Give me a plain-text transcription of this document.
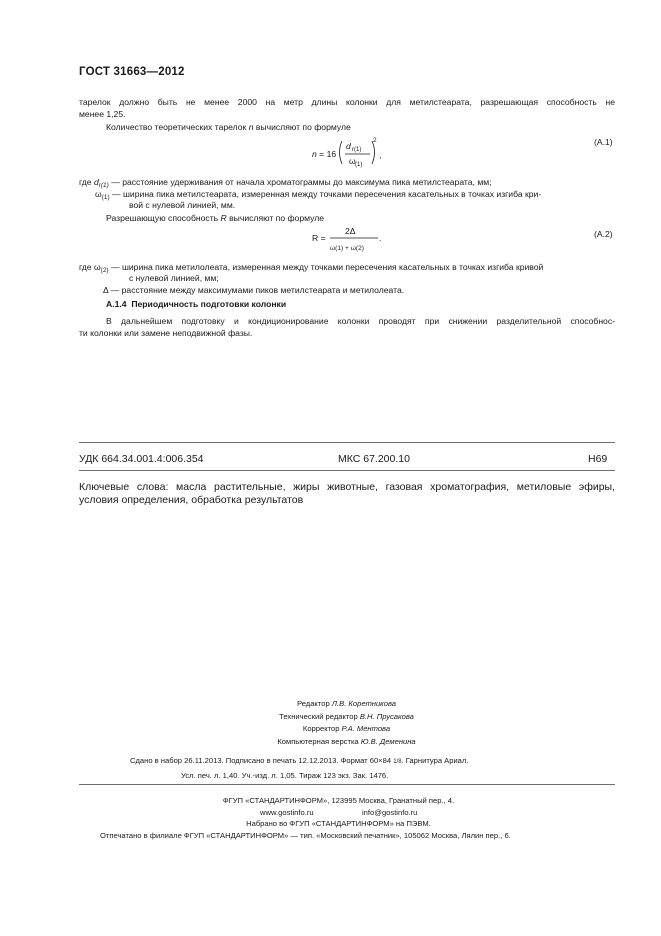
ГОСТ 31663—2012
тарелок должно быть не менее 2000 на метр длины колонки для метилстеарата, разрешающая способность не
менее 1,25.
Количество теоретических тарелок n вычисляют по формуле
n = 16
d r(1)
ω (1)
2
,
(А.1)
где $d_{r(1)}$ — расстояние удерживания от начала хроматограммы до максимума пика метилстеарата, мм;
$\omega_{(1)}$ — ширина пика метилстеарата, измеренная между точками пересечения касательных в точках изгиба кри-
вой с нулевой линией, мм.
Разрешающую способность R вычисляют по формуле
R =
2Δ
ω(1) + ω(2)
.	(А.2)
где $\omega_{(2)}$ — ширина пика метилолеата, измеренная между точками пересечения касательных в точках изгиба кривой
с нулевой линией, мм;
Δ — расстояние между максимумами пиков метилстеарата и метилолеата.
А.1.4 Периодичность подготовки колонки
В дальнейшем подготовку и кондиционирование колонки проводят при снижении разделительной способнос-
ти колонки или замене неподвижной фазы.
УДК 664.34.001.4:006.354	МКС 67.200.10	Н69
Ключевые слова: масла растительные, жиры животные, газовая хроматография, метиловые эфиры,
условия определения, обработка результатов
Редактор Л.В. Коретникова
Технический редактор В.Н. Прусакова
Корректор Р.А. Ментова
Компьютерная верстка Ю.В. Деменина
Сдано в набор 26.11.2013. Подписано в печать 12.12.2013. Формат 60×84 1/8. Гарнитура Ариал.
Усл. печ. л. 1,40. Уч.-изд. л. 1,05. Тираж 123 экз. Зак. 1476.
ФГУП «СТАНДАРТИНФОРМ», 123995 Москва, Гранатный пер., 4.
www.gostinfo.ru	info@gostinfo.ru
Набрано во ФГУП «СТАНДАРТИНФОРМ» на ПЭВМ.
Отпечатано в филиале ФГУП «СТАНДАРТИНФОРМ» — тип. «Московский печатник», 105062 Москва, Лялин пер., 6.
